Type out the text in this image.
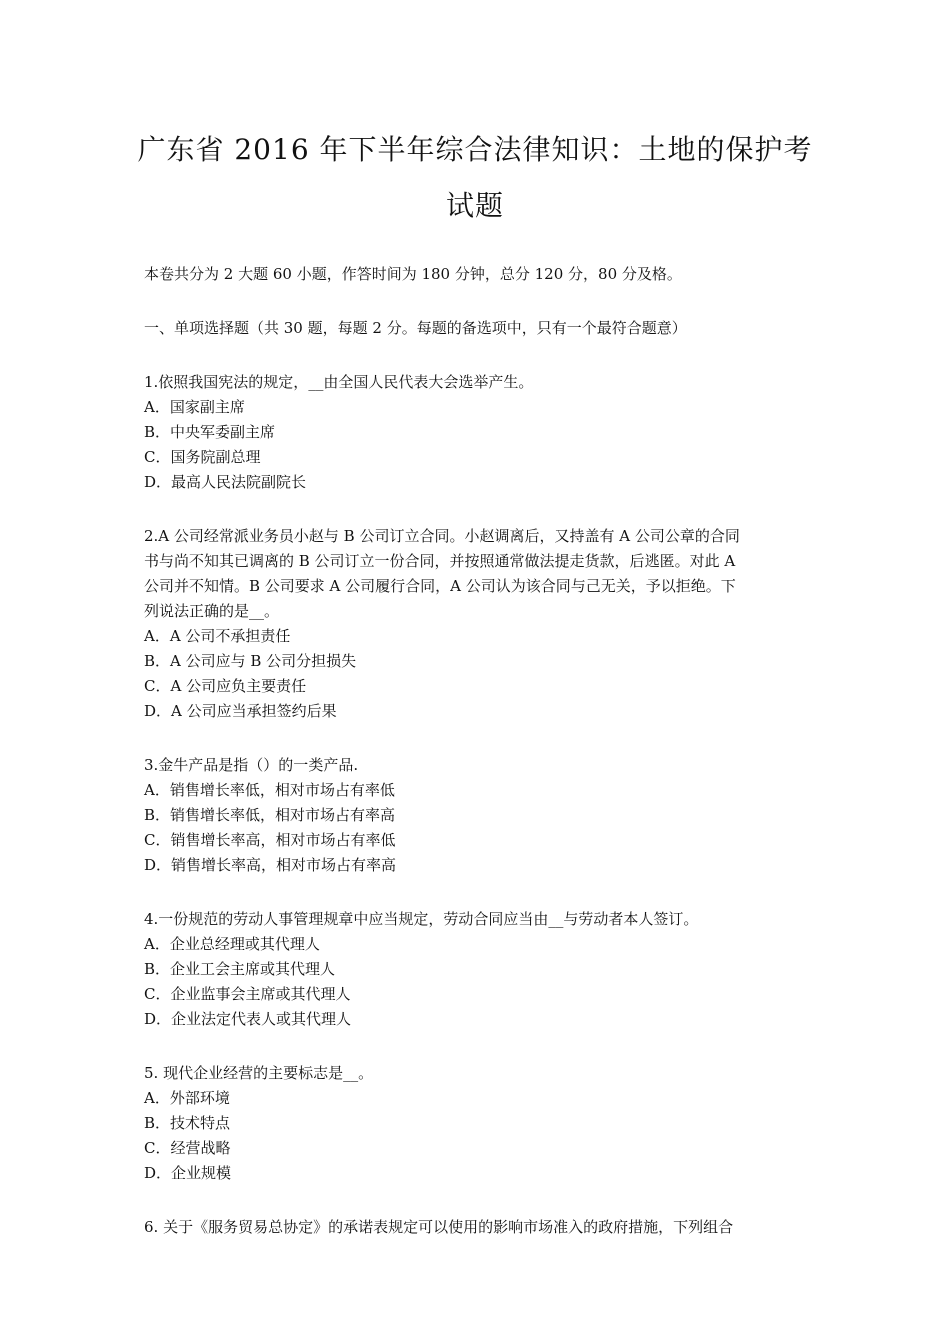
广东省 2016 年下半年综合法律知识：土地的保护考
试题

本卷共分为 2 大题 60 小题，作答时间为 180 分钟，总分 120 分，80 分及格。

一、单项选择题（共 30 题，每题 2 分。每题的备选项中，只有一个最符合题意）

1.依照我国宪法的规定，__由全国人民代表大会选举产生。

A．国家副主席

B．中央军委副主席

C．国务院副总理

D．最高人民法院副院长

2.A 公司经常派业务员小赵与 B 公司订立合同。小赵调离后，又持盖有 A 公司公章的合同

书与尚不知其已调离的 B 公司订立一份合同，并按照通常做法提走货款，后逃匿。对此 A

公司并不知情。B 公司要求 A 公司履行合同，A 公司认为该合同与己无关，予以拒绝。下

列说法正确的是__。

A．A 公司不承担责任

B．A 公司应与 B 公司分担损失

C．A 公司应负主要责任

D．A 公司应当承担签约后果

3.金牛产品是指（）的一类产品.

A．销售增长率低，相对市场占有率低

B．销售增长率低，相对市场占有率高

C．销售增长率高，相对市场占有率低

D．销售增长率高，相对市场占有率高

4.一份规范的劳动人事管理规章中应当规定，劳动合同应当由__与劳动者本人签订。

A．企业总经理或其代理人

B．企业工会主席或其代理人

C．企业监事会主席或其代理人

D．企业法定代表人或其代理人

5. 现代企业经营的主要标志是__。

A．外部环境

B．技术特点

C．经营战略

D．企业规模

6. 关于《服务贸易总协定》的承诺表规定可以使用的影响市场准入的政府措施，下列组合
